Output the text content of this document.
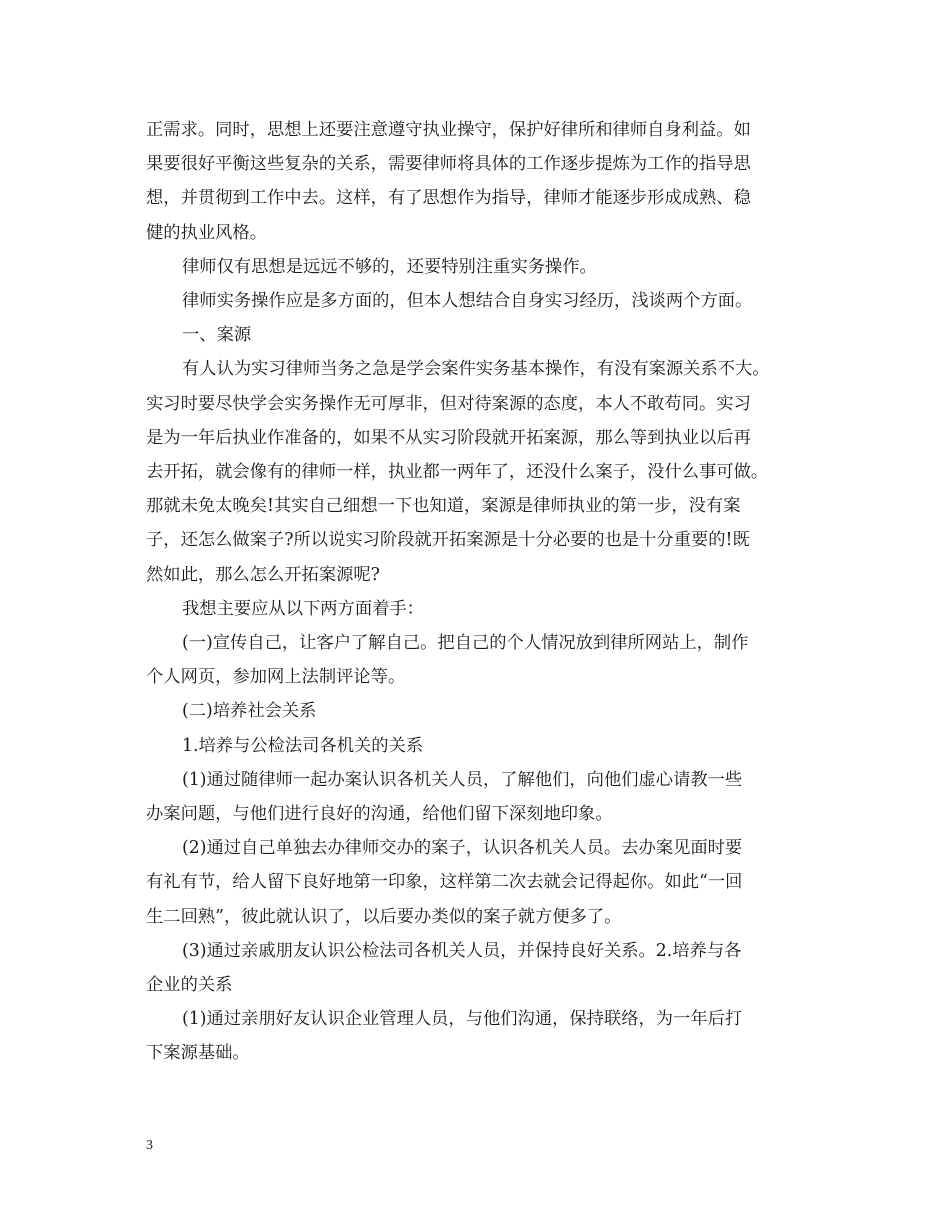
正需求。同时，思想上还要注意遵守执业操守，保护好律所和律师自身利益。如
果要很好平衡这些复杂的关系，需要律师将具体的工作逐步提炼为工作的指导思
想，并贯彻到工作中去。这样，有了思想作为指导，律师才能逐步形成成熟、稳
健的执业风格。

律师仅有思想是远远不够的，还要特别注重实务操作。

律师实务操作应是多方面的，但本人想结合自身实习经历，浅谈两个方面。

一、案源

有人认为实习律师当务之急是学会案件实务基本操作，有没有案源关系不大。
实习时要尽快学会实务操作无可厚非，但对待案源的态度，本人不敢苟同。实习
是为一年后执业作准备的，如果不从实习阶段就开拓案源，那么等到执业以后再
去开拓，就会像有的律师一样，执业都一两年了，还没什么案子，没什么事可做。
那就未免太晚矣!其实自己细想一下也知道，案源是律师执业的第一步，没有案
子，还怎么做案子?所以说实习阶段就开拓案源是十分必要的也是十分重要的!既
然如此，那么怎么开拓案源呢?

我想主要应从以下两方面着手：

(一)宣传自己，让客户了解自己。把自己的个人情况放到律所网站上，制作
个人网页，参加网上法制评论等。

(二)培养社会关系

1.培养与公检法司各机关的关系

(1)通过随律师一起办案认识各机关人员，了解他们，向他们虚心请教一些
办案问题，与他们进行良好的沟通，给他们留下深刻地印象。

(2)通过自己单独去办律师交办的案子，认识各机关人员。去办案见面时要
有礼有节，给人留下良好地第一印象，这样第二次去就会记得起你。如此“一回
生二回熟”，彼此就认识了，以后要办类似的案子就方便多了。

(3)通过亲戚朋友认识公检法司各机关人员，并保持良好关系。2.培养与各
企业的关系

(1)通过亲朋好友认识企业管理人员，与他们沟通，保持联络，为一年后打
下案源基础。

3
